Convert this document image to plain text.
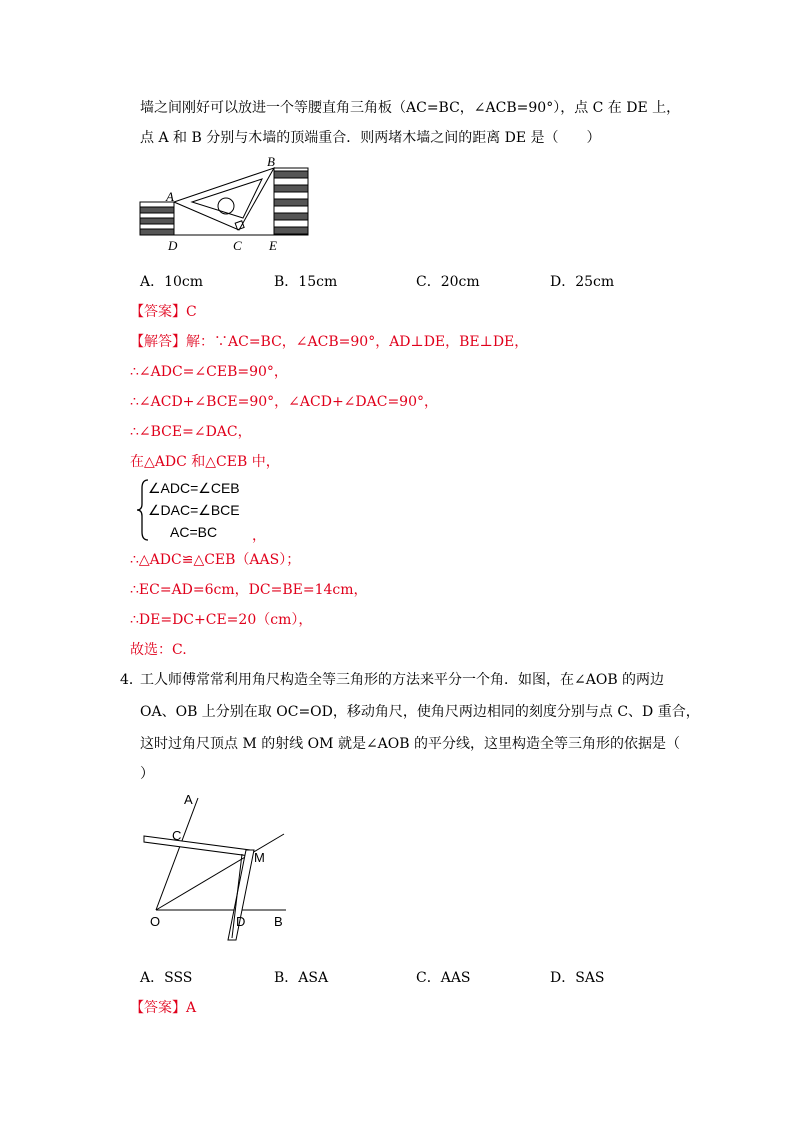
墙之间刚好可以放进一个等腰直角三角板（AC=BC，∠ACB=90°），点 C 在 DE 上，
点 A 和 B 分别与木墙的顶端重合．则两堵木墙之间的距离 DE 是（　　）
A
B
D	C E
A．10cm	B．15cm	C．20cm	D．25cm
【答案】C
【解答】解：∵AC=BC，∠ACB=90°，AD⊥DE，BE⊥DE，
∴∠ADC=∠CEB=90°，
∴∠ACD+∠BCE=90°，∠ACD+∠DAC=90°，
∴∠BCE=∠DAC，
在△ADC 和△CEB 中，
∠ADC=∠CEB
∠DAC=∠BCE
AC=BC ，
∴△ADC≌△CEB（AAS）；
∴EC=AD=6cm，DC=BE=14cm，
∴DE=DC+CE=20（cm），
故选：C.
4．
工人师傅常常利用角尺构造全等三角形的方法来平分一个角．如图，在∠AOB 的两边
OA、OB 上分别在取 OC=OD，移动角尺，使角尺两边相同的刻度分别与点 C、D 重合，
这时过角尺顶点 M 的射线 OM 就是∠AOB 的平分线，这里构造全等三角形的依据是（
）
A
C
M
O	D B
A．SSS	B．ASA	C．AAS	D．SAS
【答案】A
